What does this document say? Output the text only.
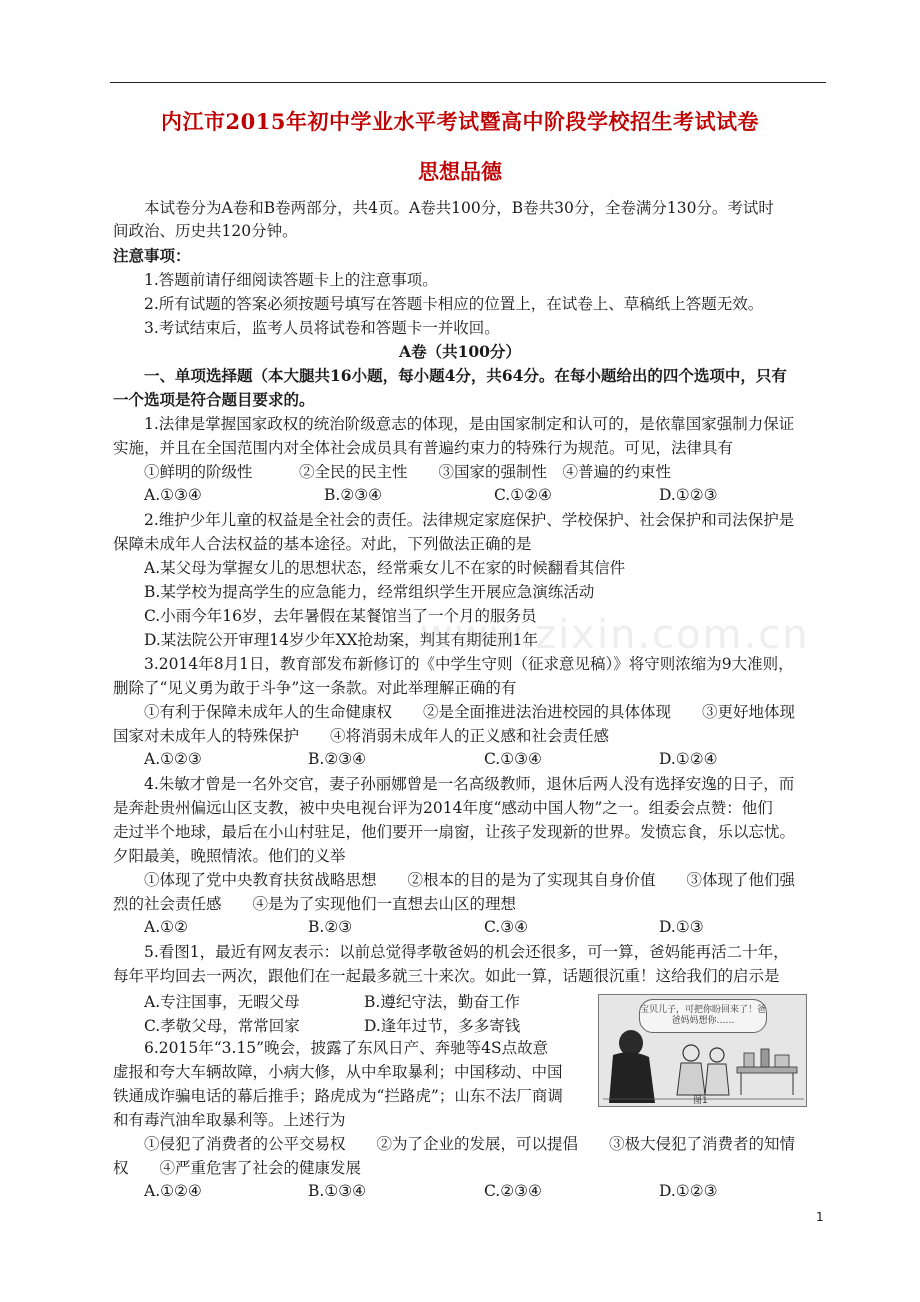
内江市2015年初中学业水平考试暨高中阶段学校招生考试试卷
思想品德
本试卷分为A卷和B卷两部分，共4页。A卷共100分，B卷共30分，全卷满分130分。考试时
间政治、历史共120分钟。
注意事项：
1.答题前请仔细阅读答题卡上的注意事项。
2.所有试题的答案必须按题号填写在答题卡相应的位置上，在试卷上、草稿纸上答题无效。
3.考试结束后，监考人员将试卷和答题卡一并收回。
A卷（共100分）
一、单项选择题（本大腿共16小题，每小题4分，共64分。在每小题给出的四个选项中，只有
一个选项是符合题目要求的。
1.法律是掌握国家政权的统治阶级意志的体现，是由国家制定和认可的，是依靠国家强制力保证
实施，并且在全国范围内对全体社会成员具有普遍约束力的特殊行为规范。可见，法律具有
①鲜明的阶级性　　　②全民的民主性　　③国家的强制性　④普遍的约束性
A.①③④	B.②③④	C.①②④	D.①②③
2.维护少年儿童的权益是全社会的责任。法律规定家庭保护、学校保护、社会保护和司法保护是
保障未成年人合法权益的基本途径。对此，下列做法正确的是
A.某父母为掌握女儿的思想状态，经常乘女儿不在家的时候翻看其信件
B.某学校为提高学生的应急能力，经常组织学生开展应急演练活动
C.小雨今年16岁，去年暑假在某餐馆当了一个月的服务员
D.某法院公开审理14岁少年XX抢劫案，判其有期徒刑1年
3.2014年8月1日，教育部发布新修订的《中学生守则（征求意见稿）》将守则浓缩为9大准则，
删除了“见义勇为敢于斗争”这一条款。对此举理解正确的有
①有利于保障未成年人的生命健康权　　②是全面推进法治进校园的具体体现　　③更好地体现
国家对未成年人的特殊保护　　④将消弱未成年人的正义感和社会责任感
A.①②③	B.②③④	C.①③④	D.①②④
4.朱敏才曾是一名外交官，妻子孙丽娜曾是一名高级教师，退休后两人没有选择安逸的日子，而
是奔赴贵州偏远山区支教，被中央电视台评为2014年度“感动中国人物”之一。组委会点赞：他们
走过半个地球，最后在小山村驻足，他们要开一扇窗，让孩子发现新的世界。发愤忘食，乐以忘忧。
夕阳最美，晚照情浓。他们的义举
①体现了党中央教育扶贫战略思想　　②根本的目的是为了实现其自身价值　　③体现了他们强
烈的社会责任感　　④是为了实现他们一直想去山区的理想
A.①②	B.②③	C.③④	D.①③
5.看图1，最近有网友表示：以前总觉得孝敬爸妈的机会还很多，可一算，爸妈能再活二十年，
每年平均回去一两次，跟他们在一起最多就三十来次。如此一算，话题很沉重！这给我们的启示是
A.专注国事，无暇父母	B.遵纪守法，勤奋工作
C.孝敬父母，常常回家	D.逢年过节，多多寄钱
宝贝儿子，可把你盼回来了！爸爸妈妈想你……
图1
6.2015年“3.15”晚会，披露了东风日产、奔驰等4S点故意
虚报和夸大车辆故障，小病大修，从中牟取暴利；中国移动、中国
铁通成诈骗电话的幕后推手；路虎成为“拦路虎”；山东不法厂商调
和有毒汽油牟取暴利等。上述行为
①侵犯了消费者的公平交易权　　②为了企业的发展，可以提倡　　③极大侵犯了消费者的知情
权　　④严重危害了社会的健康发展
A.①②④	B.①③④	C.②③④	D.①②③
www.zixin.com.cn
1
